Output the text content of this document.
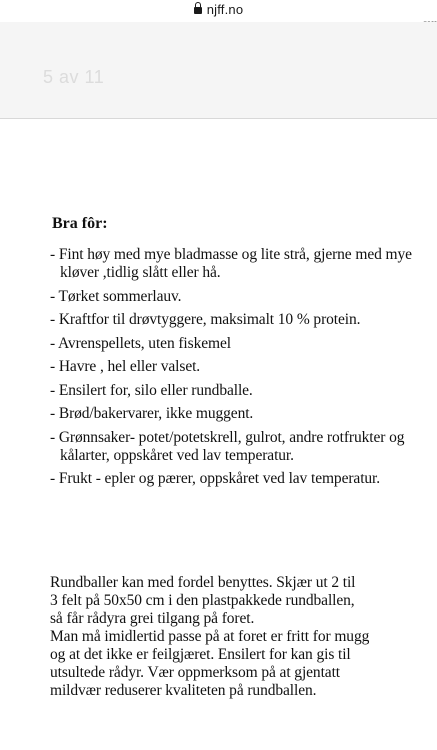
njff.no
5 av 11
Bra fôr:
- Fint høy med mye bladmasse og lite strå, gjerne med mye kløver ,tidlig slått eller hå.
- Tørket sommerlauv.
- Kraftfor til drøvtyggere, maksimalt 10 % protein.
- Avrenspellets, uten fiskemel
- Havre , hel eller valset.
- Ensilert for, silo eller rundballe.
- Brød/bakervarer, ikke muggent.
- Grønnsaker- potet/potetskrell, gulrot, andre rotfrukter og kålarter, oppskåret ved lav temperatur.
- Frukt - epler og pærer, oppskåret ved lav temperatur.

Rundballer kan med fordel benyttes. Skjær ut 2 til
3 felt på 50x50 cm i den plastpakkede rundballen,
så får rådyra grei tilgang på foret.
Man må imidlertid passe på at foret er fritt for mugg
og at det ikke er feilgjæret. Ensilert for kan gis til
utsultede rådyr. Vær oppmerksom på at gjentatt
mildvær reduserer kvaliteten på rundballen.
